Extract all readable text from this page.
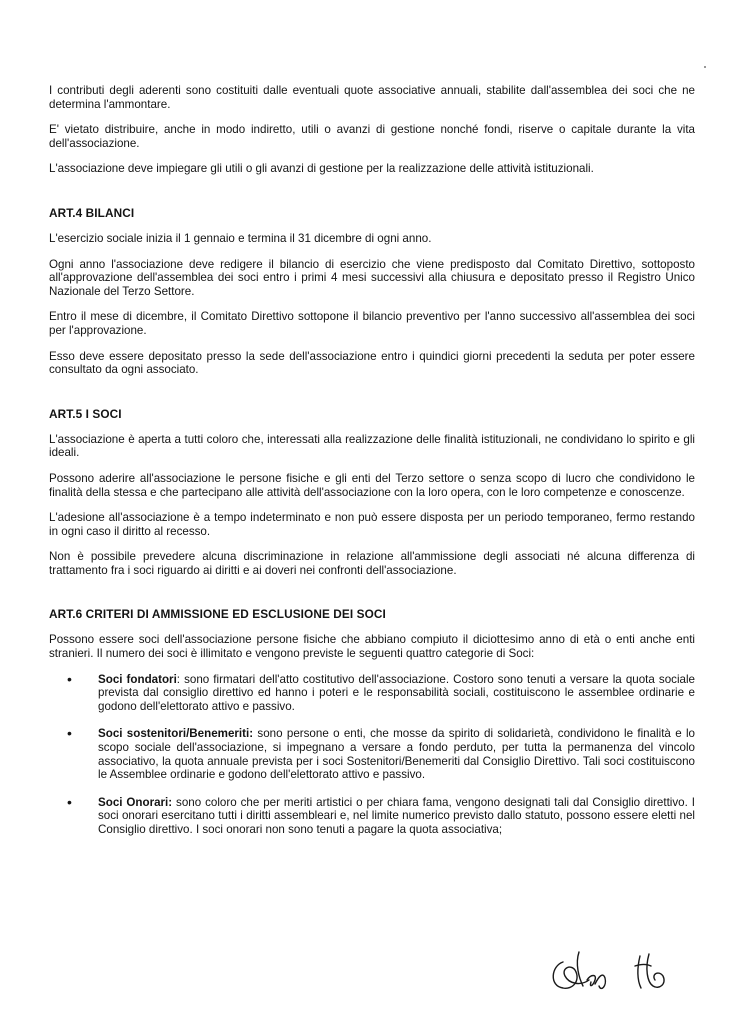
I contributi degli aderenti sono costituiti dalle eventuali quote associative annuali, stabilite dall'assemblea dei soci che ne determina l'ammontare.

E' vietato distribuire, anche in modo indiretto, utili o avanzi di gestione nonché fondi, riserve o capitale durante la vita dell'associazione.

L'associazione deve impiegare gli utili o gli avanzi di gestione per la realizzazione delle attività istituzionali.

ART.4 BILANCI

L'esercizio sociale inizia il 1 gennaio e termina il 31 dicembre di ogni anno.

Ogni anno l'associazione deve redigere il bilancio di esercizio che viene predisposto dal Comitato Direttivo, sottoposto all'approvazione dell'assemblea dei soci entro i primi 4 mesi successivi alla chiusura e depositato presso il Registro Unico Nazionale del Terzo Settore.

Entro il mese di dicembre, il Comitato Direttivo sottopone il bilancio preventivo per l'anno successivo all'assemblea dei soci per l'approvazione.

Esso deve essere depositato presso la sede dell'associazione entro i quindici giorni precedenti la seduta per poter essere consultato da ogni associato.

ART.5 I SOCI

L'associazione è aperta a tutti coloro che, interessati alla realizzazione delle finalità istituzionali, ne condividano lo spirito e gli ideali.

Possono aderire all'associazione le persone fisiche e gli enti del Terzo settore o senza scopo di lucro che condividono le finalità della stessa e che partecipano alle attività dell'associazione con la loro opera, con le loro competenze e conoscenze.

L'adesione all'associazione è a tempo indeterminato e non può essere disposta per un periodo temporaneo, fermo restando in ogni caso il diritto al recesso.

Non è possibile prevedere alcuna discriminazione in relazione all'ammissione degli associati né alcuna differenza di trattamento fra i soci riguardo ai diritti e ai doveri nei confronti dell'associazione.

ART.6 CRITERI DI AMMISSIONE ED ESCLUSIONE DEI SOCI

Possono essere soci dell'associazione persone fisiche che abbiano compiuto il diciottesimo anno di età o enti anche enti stranieri. Il numero dei soci è illimitato e vengono previste le seguenti quattro categorie di Soci:

• Soci fondatori: sono firmatari dell'atto costitutivo dell'associazione. Costoro sono tenuti a versare la quota sociale prevista dal consiglio direttivo ed hanno i poteri e le responsabilità sociali, costituiscono le assemblee ordinarie e godono dell'elettorato attivo e passivo.
• Soci sostenitori/Benemeriti: sono persone o enti, che mosse da spirito di solidarietà, condividono le finalità e lo scopo sociale dell'associazione, si impegnano a versare a fondo perduto, per tutta la permanenza del vincolo associativo, la quota annuale prevista per i soci Sostenitori/Benemeriti dal Consiglio Direttivo. Tali soci costituiscono le Assemblee ordinarie e godono dell'elettorato attivo e passivo.
• Soci Onorari: sono coloro che per meriti artistici o per chiara fama, vengono designati tali dal Consiglio direttivo. I soci onorari esercitano tutti i diritti assembleari e, nel limite numerico previsto dallo statuto, possono essere eletti nel Consiglio direttivo. I soci onorari non sono tenuti a pagare la quota associativa;
